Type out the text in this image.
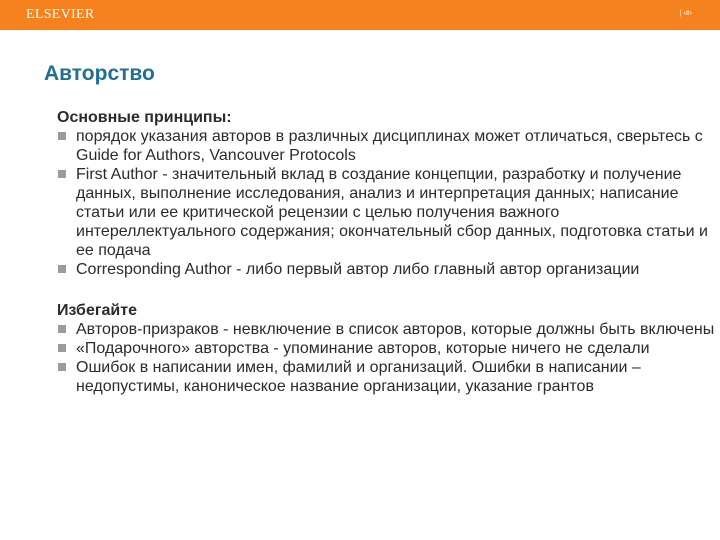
ELSEVIER	| ‹#›
Авторство
Основные принципы:
порядок указания авторов в различных дисциплинах может отличаться, сверьтесь с Guide for Authors, Vancouver Protocols
First Author - значительный вклад в создание концепции, разработку и получение данных, выполнение исследования, анализ и интерпретация данных; написание статьи или ее критической рецензии с целью получения важного интереллектуального содержания; окончательный сбор данных, подготовка статьи и ее подача
Corresponding Author - либо первый автор либо главный автор организации
Избегайте
Авторов-призраков - невключение в список авторов, которые должны быть включены
«Подарочного» авторства - упоминание авторов, которые ничего не сделали
Ошибок в написании имен, фамилий и организаций. Ошибки в написании – недопустимы, каноническое название организации, указание грантов
